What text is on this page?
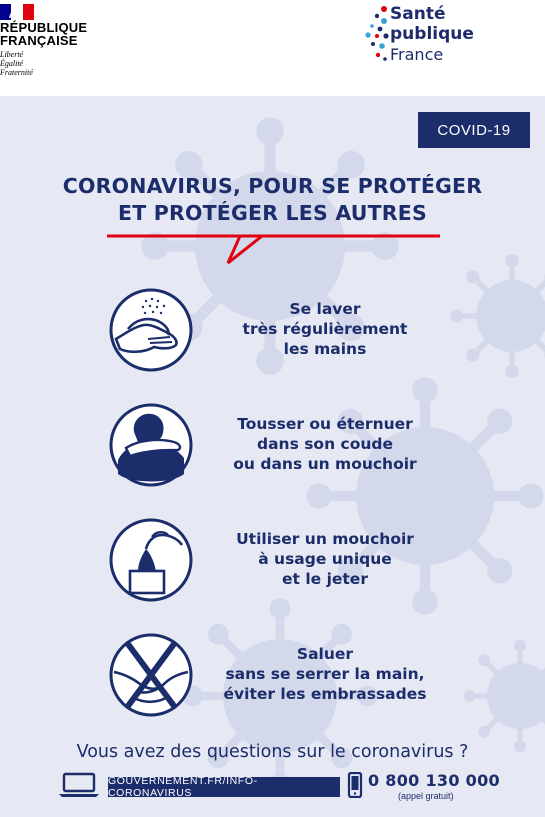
RÉPUBLIQUE
FRANÇAISE
Liberté
Égalité
Fraternité
Santé
publique
France
COVID-19
CORONAVIRUS, POUR SE PROTÉGER
ET PROTÉGER LES AUTRES
Se laver
très régulièrement
les mains
Tousser ou éternuer
dans son coude
ou dans un mouchoir
Utiliser un mouchoir
à usage unique
et le jeter
Saluer
sans se serrer la main,
éviter les embrassades
Vous avez des questions sur le coronavirus ?
GOUVERNEMENT.FR/INFO-CORONAVIRUS
0 800 130 000
(appel gratuit)
